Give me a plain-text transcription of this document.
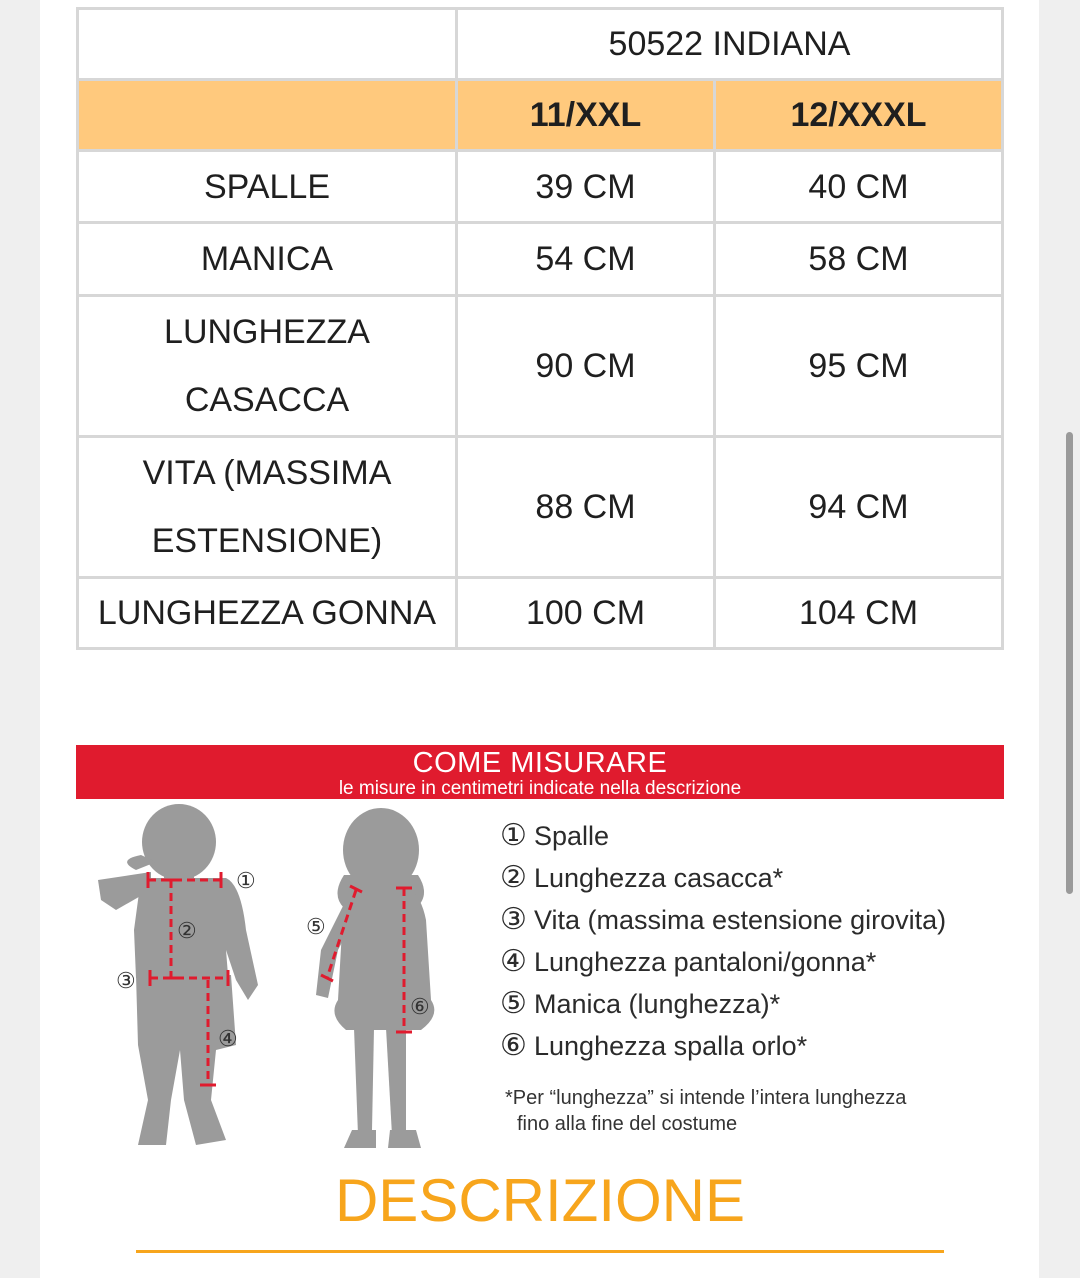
	50522 INDIANA	
	11/XXL	12/XXXL
SPALLE	39 CM	40 CM
MANICA	54 CM	58 CM
LUNGHEZZA
CASACCA	90 CM	95 CM
VITA (MASSIMA
ESTENSIONE)	88 CM	94 CM
LUNGHEZZA GONNA	100 CM	104 CM
COME MISURARE
le misure in centimetri indicate nella descrizione
①
②
③
④
⑤
⑥
① Spalle
② Lunghezza casacca*
③ Vita (massima estensione girovita)
④ Lunghezza pantaloni/gonna*
⑤ Manica (lunghezza)*
⑥ Lunghezza spalla orlo*
*Per “lunghezza” si intende l’intera lunghezza
fino alla fine del costume
DESCRIZIONE
